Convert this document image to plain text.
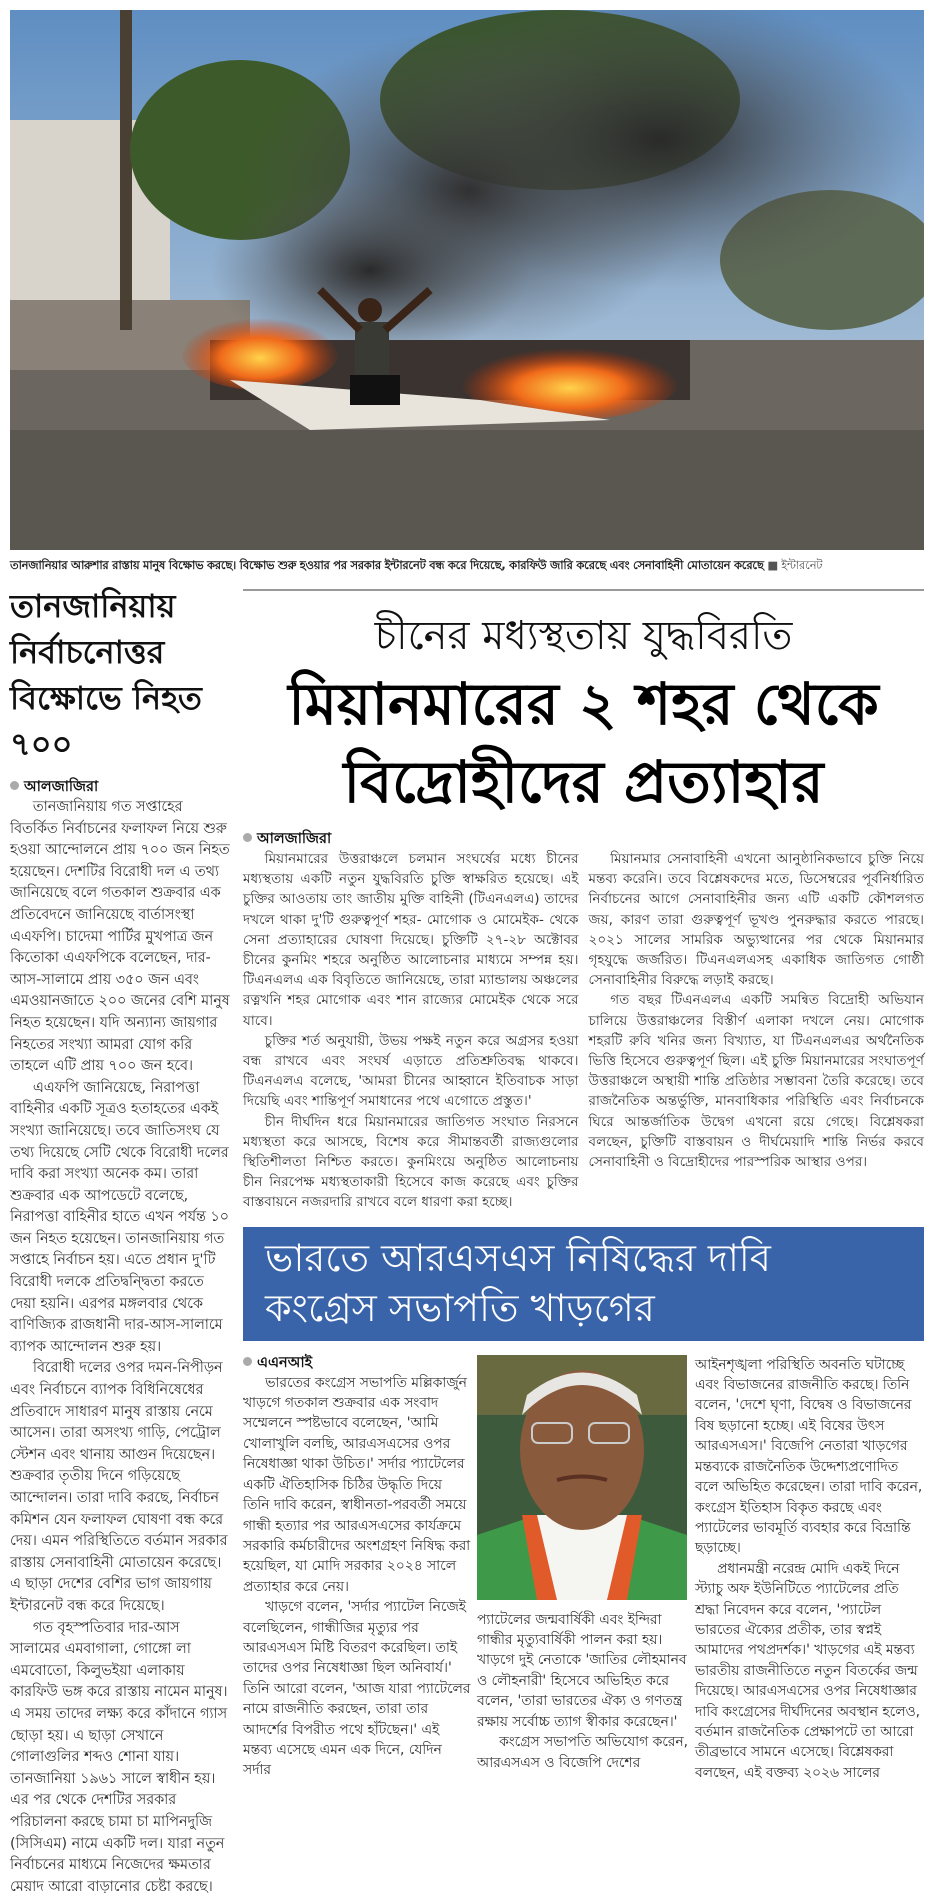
তানজানিয়ার আরুশার রাস্তায় মানুষ বিক্ষোভ করছে। বিক্ষোভ শুরু হওয়ার পর সরকার ইন্টারনেট বন্ধ করে দিয়েছে, কারফিউ জারি করেছে এবং সেনাবাহিনী মোতায়েন করেছে ■ ইন্টারনেট
তানজানিয়ায় নির্বাচনোত্তর বিক্ষোভে নিহত ৭০০
আলজাজিরা

তানজানিয়ায় গত সপ্তাহের বিতর্কিত নির্বাচনের ফলাফল নিয়ে শুরু হওয়া আন্দোলনে প্রায় ৭০০ জন নিহত হয়েছেন। দেশটির বিরোধী দল এ তথ্য জানিয়েছে বলে গতকাল শুক্রবার এক প্রতিবেদনে জানিয়েছে বার্তাসংস্থা এএফপি। চাদেমা পার্টির মুখপাত্র জন কিতোকা এএফপিকে বলেছেন, দার-আস-সালামে প্রায় ৩৫০ জন এবং এমওয়ানজাতে ২০০ জনের বেশি মানুষ নিহত হয়েছেন। যদি অন্যান্য জায়গার নিহতের সংখ্যা আমরা যোগ করি তাহলে এটি প্রায় ৭০০ জন হবে।

এএফপি জানিয়েছে, নিরাপত্তা বাহিনীর একটি সূত্রও হতাহতের একই সংখ্যা জানিয়েছে। তবে জাতিসংঘ যে তথ্য দিয়েছে সেটি থেকে বিরোধী দলের দাবি করা সংখ্যা অনেক কম। তারা শুক্রবার এক আপডেটে বলেছে, নিরাপত্তা বাহিনীর হাতে এখন পর্যন্ত ১০ জন নিহত হয়েছেন। তানজানিয়ায় গত সপ্তাহে নির্বাচন হয়। এতে প্রধান দু'টি বিরোধী দলকে প্রতিদ্বন্দ্বিতা করতে দেয়া হয়নি। এরপর মঙ্গলবার থেকে বাণিজ্যিক রাজধানী দার-আস-সালামে ব্যাপক আন্দোলন শুরু হয়।

বিরোধী দলের ওপর দমন-নিপীড়ন এবং নির্বাচনে ব্যাপক বিধিনিষেধের প্রতিবাদে সাধারণ মানুষ রাস্তায় নেমে আসেন। তারা অসংখ্য গাড়ি, পেট্রোল স্টেশন এবং থানায় আগুন দিয়েছেন। শুক্রবার তৃতীয় দিনে গড়িয়েছে আন্দোলন। তারা দাবি করছে, নির্বাচন কমিশন যেন ফলাফল ঘোষণা বন্ধ করে দেয়। এমন পরিস্থিতিতে বর্তমান সরকার রাস্তায় সেনাবাহিনী মোতায়েন করেছে। এ ছাড়া দেশের বেশির ভাগ জায়গায় ইন্টারনেট বন্ধ করে দিয়েছে।

গত বৃহস্পতিবার দার-আস সালামের এমবাগালা, গোঙ্গো লা এমবোতো, কিলুভইয়া এলাকায় কারফিউ ভঙ্গ করে রাস্তায় নামেন মানুষ। এ সময় তাদের লক্ষ্য করে কাঁদানে গ্যাস ছোড়া হয়। এ ছাড়া সেখানে গোলাগুলির শব্দও শোনা যায়। তানজানিয়া ১৯৬১ সালে স্বাধীন হয়। এর পর থেকে দেশটির সরকার পরিচালনা করছে চামা চা মাপিনদুজি (সিসিএম) নামে একটি দল। যারা নতুন নির্বাচনের মাধ্যমে নিজেদের ক্ষমতার মেয়াদ আরো বাড়ানোর চেষ্টা করছে।

চীনের মধ্যস্থতায় যুদ্ধবিরতি
মিয়ানমারের ২ শহর থেকে
বিদ্রোহীদের প্রত্যাহার
আলজাজিরা

মিয়ানমারের উত্তরাঞ্চলে চলমান সংঘর্ষের মধ্যে চীনের মধ্যস্থতায় একটি নতুন যুদ্ধবিরতি চুক্তি স্বাক্ষরিত হয়েছে। এই চুক্তির আওতায় তাং জাতীয় মুক্তি বাহিনী (টিএনএলএ) তাদের দখলে থাকা দু'টি গুরুত্বপূর্ণ শহর- মোগোক ও মোমেইক- থেকে সেনা প্রত্যাহারের ঘোষণা দিয়েছে। চুক্তিটি ২৭-২৮ অক্টোবর চীনের কুনমিং শহরে অনুষ্ঠিত আলোচনার মাধ্যমে সম্পন্ন হয়। টিএনএলএ এক বিবৃতিতে জানিয়েছে, তারা ম্যান্ডালয় অঞ্চলের রত্নখনি শহর মোগোক এবং শান রাজ্যের মোমেইক থেকে সরে যাবে।

চুক্তির শর্ত অনুযায়ী, উভয় পক্ষই নতুন করে অগ্রসর হওয়া বন্ধ রাখবে এবং সংঘর্ষ এড়াতে প্রতিশ্রুতিবদ্ধ থাকবে। টিএনএলএ বলেছে, 'আমরা চীনের আহ্বানে ইতিবাচক সাড়া দিয়েছি এবং শান্তিপূর্ণ সমাধানের পথে এগোতে প্রস্তুত।'

চীন দীর্ঘদিন ধরে মিয়ানমারের জাতিগত সংঘাত নিরসনে মধ্যস্থতা করে আসছে, বিশেষ করে সীমান্তবর্তী রাজ্যগুলোর স্থিতিশীলতা নিশ্চিত করতে। কুনমিংয়ে অনুষ্ঠিত আলোচনায় চীন নিরপেক্ষ মধ্যস্থতাকারী হিসেবে কাজ করেছে এবং চুক্তির বাস্তবায়নে নজরদারি রাখবে বলে ধারণা করা হচ্ছে।

মিয়ানমার সেনাবাহিনী এখনো আনুষ্ঠানিকভাবে চুক্তি নিয়ে মন্তব্য করেনি। তবে বিশ্লেষকদের মতে, ডিসেম্বরের পূর্বনির্ধারিত নির্বাচনের আগে সেনাবাহিনীর জন্য এটি একটি কৌশলগত জয়, কারণ তারা গুরুত্বপূর্ণ ভূখণ্ড পুনরুদ্ধার করতে পারছে। ২০২১ সালের সামরিক অভ্যুত্থানের পর থেকে মিয়ানমার গৃহযুদ্ধে জর্জরিত। টিএনএলএসহ একাধিক জাতিগত গোষ্ঠী সেনাবাহিনীর বিরুদ্ধে লড়াই করছে।

গত বছর টিএনএলএ একটি সমন্বিত বিদ্রোহী অভিযান চালিয়ে উত্তরাঞ্চলের বিস্তীর্ণ এলাকা দখলে নেয়। মোগোক শহরটি রুবি খনির জন্য বিখ্যাত, যা টিএনএলএর অর্থনৈতিক ভিত্তি হিসেবে গুরুত্বপূর্ণ ছিল। এই চুক্তি মিয়ানমারের সংঘাতপূর্ণ উত্তরাঞ্চলে অস্থায়ী শান্তি প্রতিষ্ঠার সম্ভাবনা তৈরি করেছে। তবে রাজনৈতিক অন্তর্ভুক্তি, মানবাধিকার পরিস্থিতি এবং নির্বাচনকে ঘিরে আন্তর্জাতিক উদ্বেগ এখনো রয়ে গেছে। বিশ্লেষকরা বলছেন, চুক্তিটি বাস্তবায়ন ও দীর্ঘমেয়াদি শান্তি নির্ভর করবে সেনাবাহিনী ও বিদ্রোহীদের পারস্পরিক আস্থার ওপর।

ভারতে আরএসএস নিষিদ্ধের দাবি
কংগ্রেস সভাপতি খাড়গের
এএনআই

ভারতের কংগ্রেস সভাপতি মল্লিকার্জুন খাড়গে গতকাল শুক্রবার এক সংবাদ সম্মেলনে স্পষ্টভাবে বলেছেন, 'আমি খোলাখুলি বলছি, আরএসএসের ওপর নিষেধাজ্ঞা থাকা উচিত।' সর্দার প্যাটেলের একটি ঐতিহাসিক চিঠির উদ্ধৃতি দিয়ে তিনি দাবি করেন, স্বাধীনতা-পরবর্তী সময়ে গান্ধী হত্যার পর আরএসএসের কার্যক্রমে সরকারি কর্মচারীদের অংশগ্রহণ নিষিদ্ধ করা হয়েছিল, যা মোদি সরকার ২০২৪ সালে প্রত্যাহার করে নেয়।

খাড়গে বলেন, 'সর্দার প্যাটেল নিজেই বলেছিলেন, গান্ধীজির মৃত্যুর পর আরএসএস মিষ্টি বিতরণ করেছিল। তাই তাদের ওপর নিষেধাজ্ঞা ছিল অনিবার্য।' তিনি আরো বলেন, 'আজ যারা প্যাটেলের নামে রাজনীতি করছেন, তারা তার আদর্শের বিপরীত পথে হাঁটছেন।' এই মন্তব্য এসেছে এমন এক দিনে, যেদিন সর্দার

প্যাটেলের জন্মবার্ষিকী এবং ইন্দিরা গান্ধীর মৃত্যুবার্ষিকী পালন করা হয়। খাড়গে দুই নেতাকে 'জাতির লৌহমানব ও লৌহনারী' হিসেবে অভিহিত করে বলেন, 'তারা ভারতের ঐক্য ও গণতন্ত্র রক্ষায় সর্বোচ্চ ত্যাগ স্বীকার করেছেন।'

কংগ্রেস সভাপতি অভিযোগ করেন, আরএসএস ও বিজেপি দেশের

আইনশৃঙ্খলা পরিস্থিতি অবনতি ঘটাচ্ছে এবং বিভাজনের রাজনীতি করছে। তিনি বলেন, 'দেশে ঘৃণা, বিদ্বেষ ও বিভাজনের বিষ ছড়ানো হচ্ছে। এই বিষের উৎস আরএসএস।' বিজেপি নেতারা খাড়গের মন্তব্যকে রাজনৈতিক উদ্দেশ্যপ্রণোদিত বলে অভিহিত করেছেন। তারা দাবি করেন, কংগ্রেস ইতিহাস বিকৃত করছে এবং প্যাটেলের ভাবমূর্তি ব্যবহার করে বিভ্রান্তি ছড়াচ্ছে।

প্রধানমন্ত্রী নরেন্দ্র মোদি একই দিনে স্ট্যাচু অফ ইউনিটিতে প্যাটেলের প্রতি শ্রদ্ধা নিবেদন করে বলেন, 'প্যাটেল ভারতের ঐক্যের প্রতীক, তার স্বপ্নই আমাদের পথপ্রদর্শক।' খাড়গের এই মন্তব্য ভারতীয় রাজনীতিতে নতুন বিতর্কের জন্ম দিয়েছে। আরএসএসের ওপর নিষেধাজ্ঞার দাবি কংগ্রেসের দীর্ঘদিনের অবস্থান হলেও, বর্তমান রাজনৈতিক প্রেক্ষাপটে তা আরো তীব্রভাবে সামনে এসেছে। বিশ্লেষকরা বলছেন, এই বক্তব্য ২০২৬ সালের
